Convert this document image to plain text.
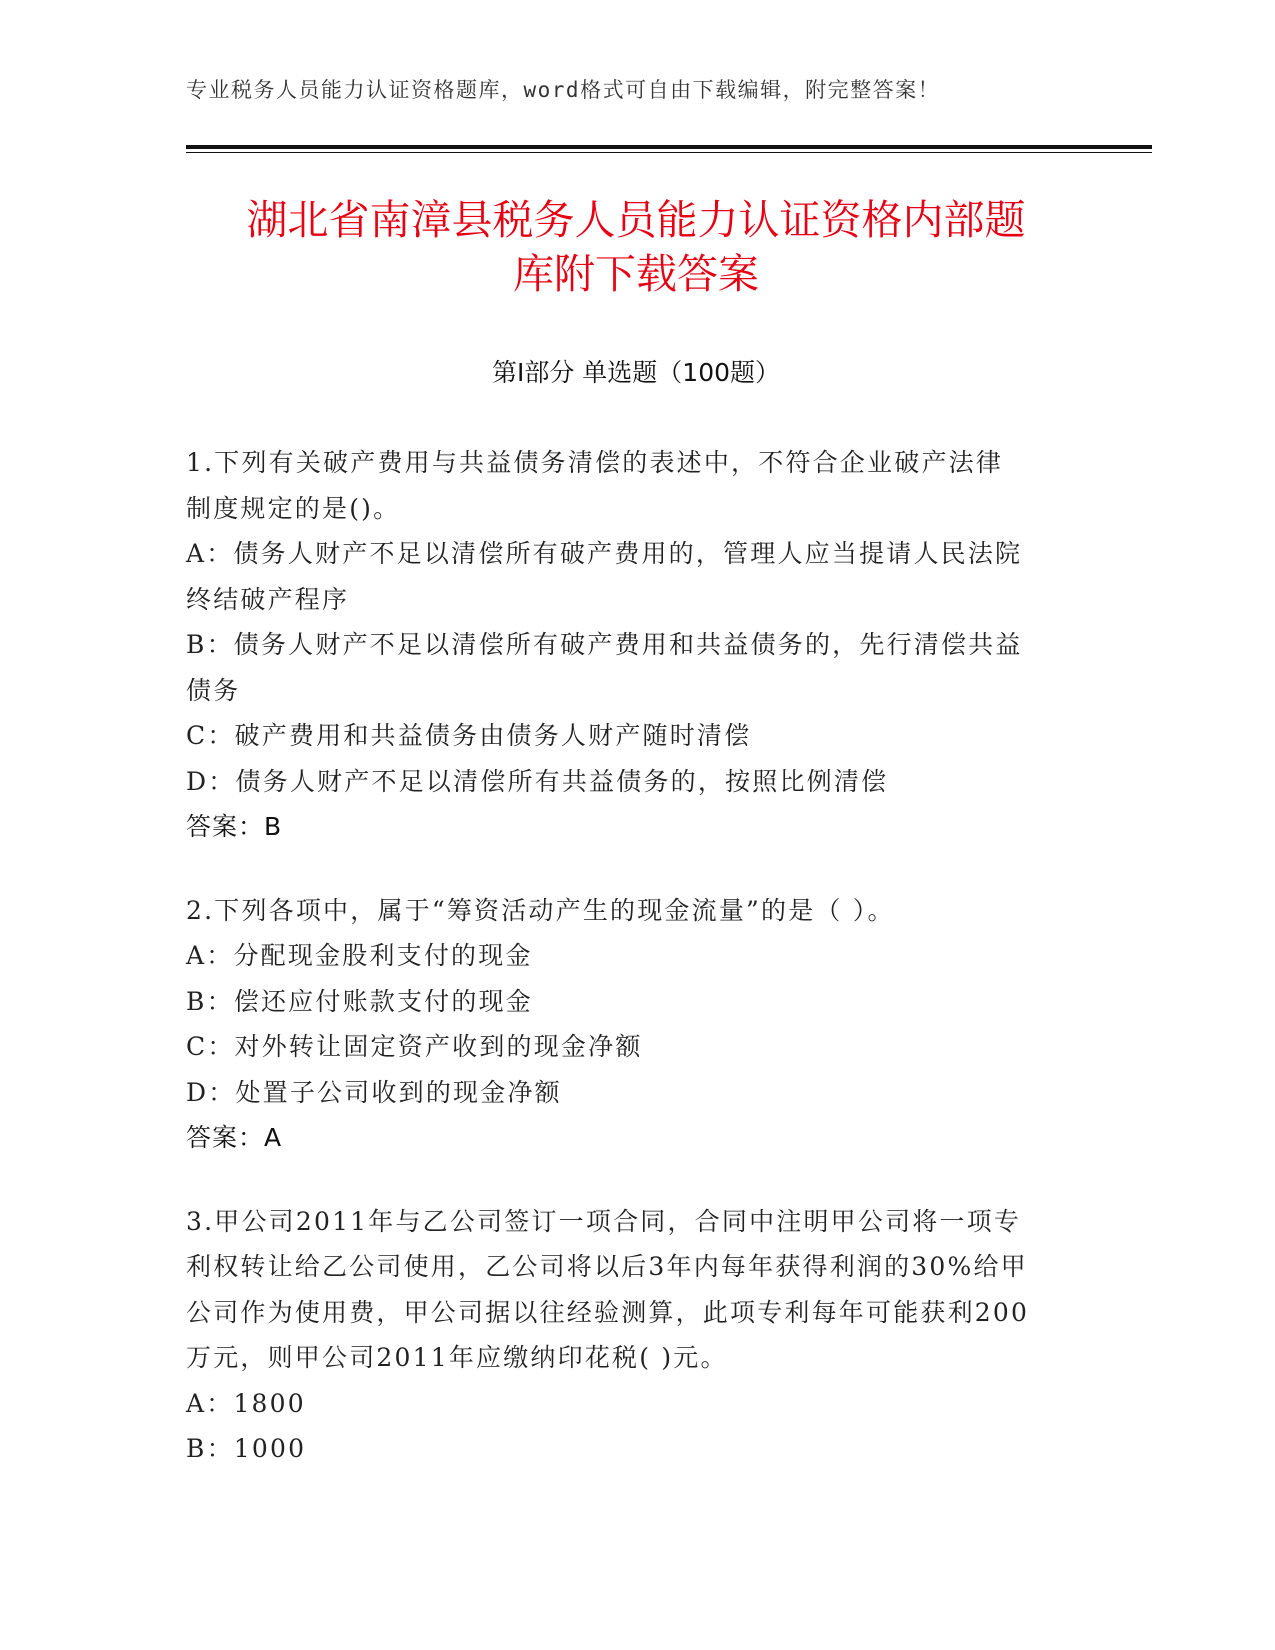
专业税务人员能力认证资格题库，word格式可自由下载编辑，附完整答案！
湖北省南漳县税务人员能力认证资格内部题
库附下载答案
第Ⅰ部分 单选题（100题）
1.下列有关破产费用与共益债务清偿的表述中，不符合企业破产法律
制度规定的是()。
A：债务人财产不足以清偿所有破产费用的，管理人应当提请人民法院
终结破产程序
B：债务人财产不足以清偿所有破产费用和共益债务的，先行清偿共益
债务
C：破产费用和共益债务由债务人财产随时清偿
D：债务人财产不足以清偿所有共益债务的，按照比例清偿
答案：B
2.下列各项中，属于“筹资活动产生的现金流量”的是（ ）。
A：分配现金股利支付的现金
B：偿还应付账款支付的现金
C：对外转让固定资产收到的现金净额
D：处置子公司收到的现金净额
答案：A
3.甲公司2011年与乙公司签订一项合同，合同中注明甲公司将一项专
利权转让给乙公司使用，乙公司将以后3年内每年获得利润的30%给甲
公司作为使用费，甲公司据以往经验测算，此项专利每年可能获利200
万元，则甲公司2011年应缴纳印花税( )元。
A：1800
B：1000
